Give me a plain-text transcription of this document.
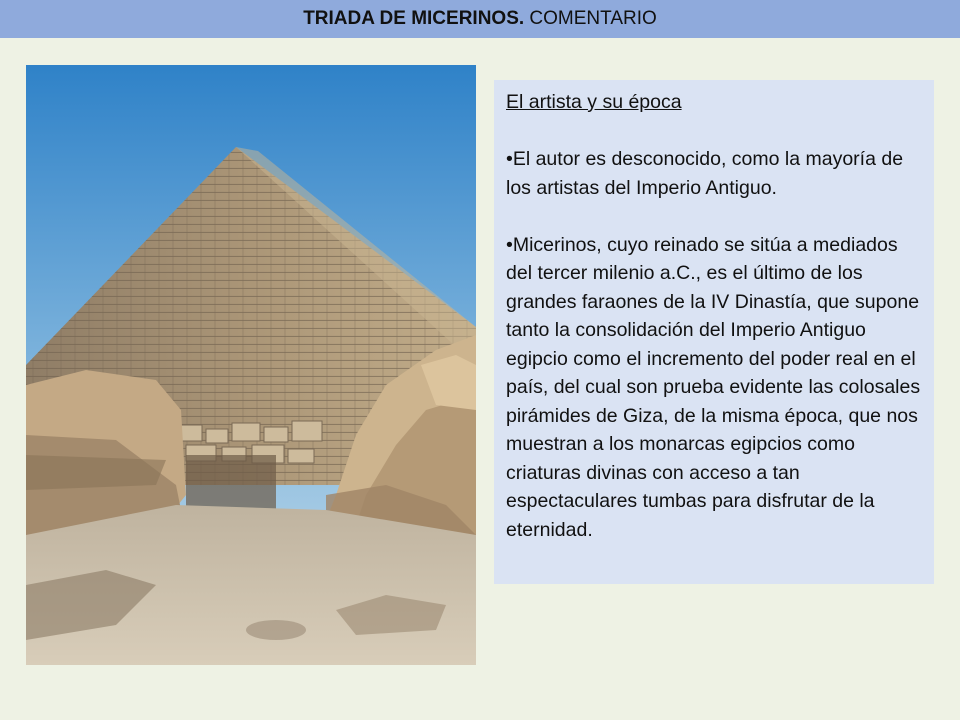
TRIADA DE MICERINOS. COMENTARIO

El artista y su época

•El autor es desconocido, como la mayoría de los artistas del Imperio Antiguo.

•Micerinos, cuyo reinado se sitúa a mediados del tercer milenio a.C., es el último de los grandes faraones de la IV Dinastía, que supone tanto la consolidación del Imperio Antiguo egipcio como el incremento del poder real en el país, del cual son prueba evidente las colosales pirámides de Giza, de la misma época, que nos muestran a los monarcas egipcios como criaturas divinas con acceso a tan espectaculares tumbas para disfrutar de la eternidad.
